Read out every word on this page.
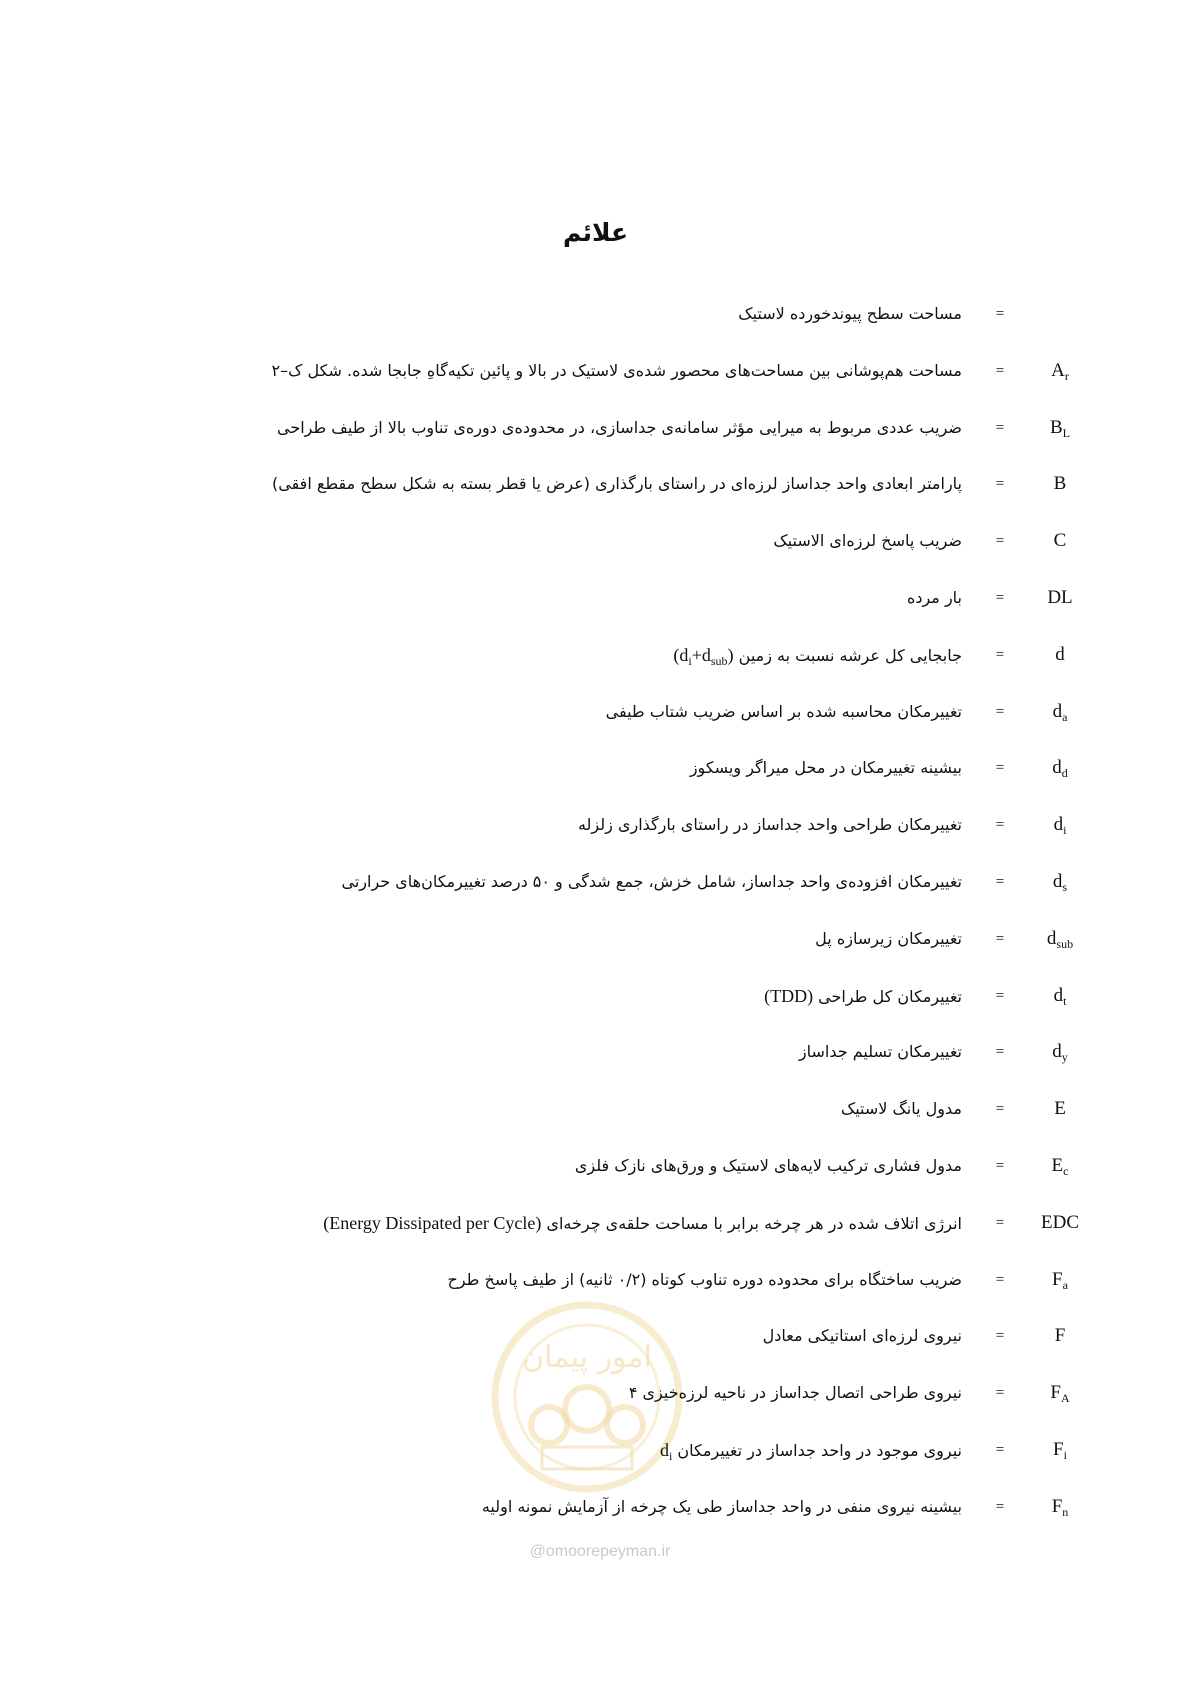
علائم
امور پیمان
@omoorepeyman.ir
=
مساحت سطح پیوندخورده لاستیک
$A_r$
=
مساحت هم‌پوشانی بین مساحت‌های محصور شده‌ی لاستیک در بالا و پائین تکیه‌گاهِ جابجا شده. شکل ک–۲
$B_L$
=
ضریب عددی مربوط به میرایی مؤثر سامانه‌ی جداسازی، در محدوده‌ی دوره‌ی تناوب بالا از طیف طراحی
B
=
پارامتر ابعادی واحد جداساز لرزه‌ای در راستای بارگذاری (عرض یا قطر بسته به شکل سطح مقطع افقی)
C
=
ضریب پاسخ لرزه‌ای الاستیک
DL
=
بار مرده
d
=
جابجایی کل عرشه نسبت به زمین $(d_i+d_{sub})$
$d_a$
=
تغییرمکان محاسبه شده بر اساس ضریب شتاب طیفی
$d_d$
=
بیشینه تغییرمکان در محل میراگر ویسکوز
$d_i$
=
تغییرمکان طراحی واحد جداساز در راستای بارگذاری زلزله
$d_s$
=
تغییرمکان افزوده‌ی واحد جداساز، شامل خزش، جمع شدگی و ۵۰ درصد تغییرمکان‌های حرارتی
$d_{sub}$
=
تغییرمکان زیرسازه پل
$d_t$
=
تغییرمکان کل طراحی (TDD)
$d_y$
=
تغییرمکان تسلیم جداساز
E
=
مدول یانگ لاستیک
$E_c$
=
مدول فشاری ترکیب لایه‌های لاستیک و ورق‌های نازک فلزی
EDC
=
انرژی اتلاف شده در هر چرخه برابر با مساحت حلقه‌ی چرخه‌ای (Energy Dissipated per Cycle)
$F_a$
=
ضریب ساختگاه برای محدوده دوره تناوب کوتاه (۰/۲ ثانیه) از طیف پاسخ طرح
F
=
نیروی لرزه‌ای استاتیکی معادل
$F_A$
=
نیروی طراحی اتصال جداساز در ناحیه لرزه‌خیزی ۴
$F_i$
=
نیروی موجود در واحد جداساز در تغییرمکان $d_i$
$F_n$
=
بیشینه نیروی منفی در واحد جداساز طی یک چرخه از آزمایش نمونه اولیه
